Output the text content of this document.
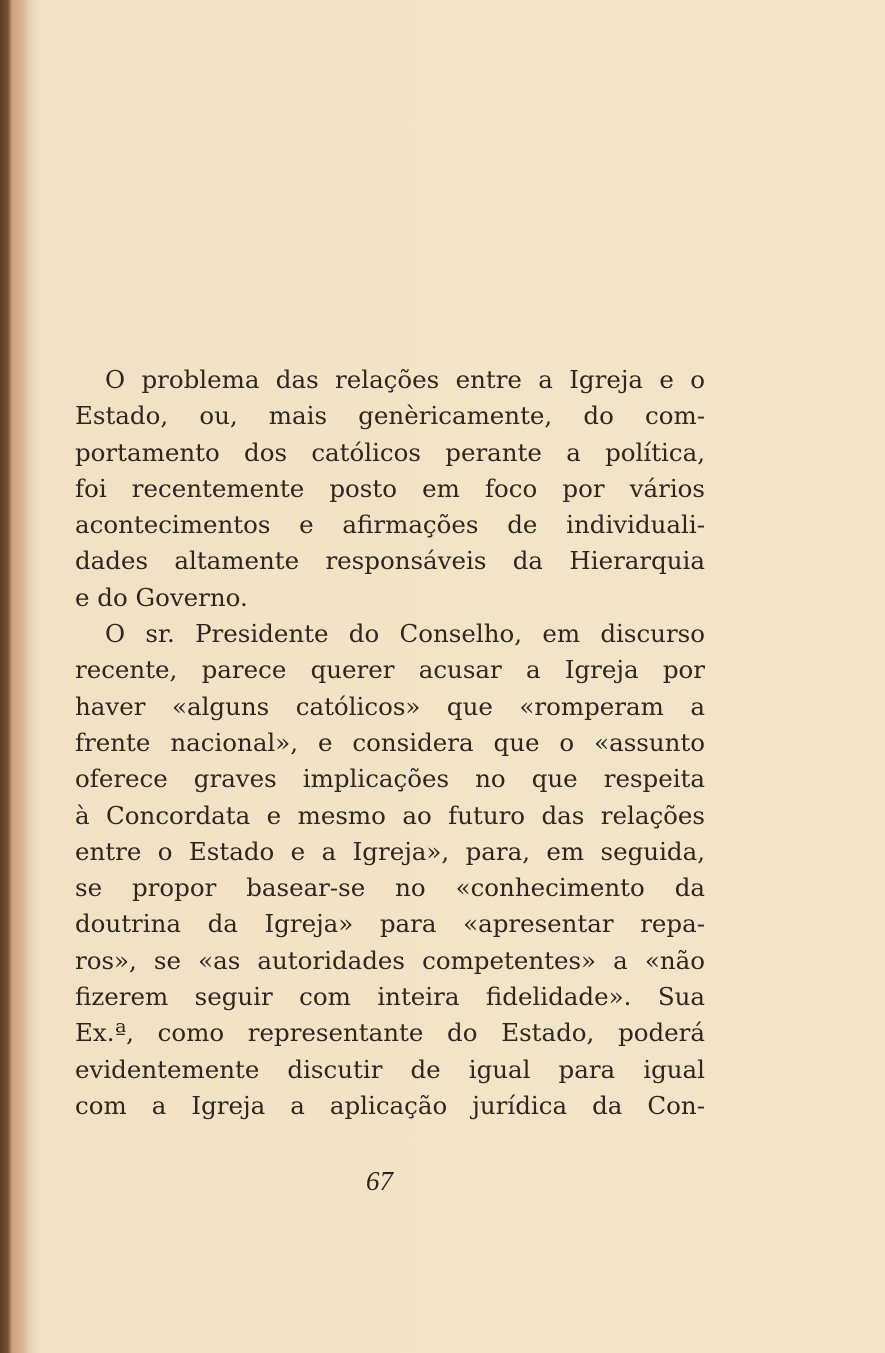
O problema das relações entre a Igreja e o
Estado, ou, mais genèricamente, do com-
portamento dos católicos perante a política,
foi recentemente posto em foco por vários
acontecimentos e afirmações de individuali-
dades altamente responsáveis da Hierarquia
e do Governo.
O sr. Presidente do Conselho, em discurso
recente, parece querer acusar a Igreja por
haver «alguns católicos» que «romperam a
frente nacional», e considera que o «assunto
oferece graves implicações no que respeita
à Concordata e mesmo ao futuro das relações
entre o Estado e a Igreja», para, em seguida,
se propor basear-se no «conhecimento da
doutrina da Igreja» para «apresentar repa-
ros», se «as autoridades competentes» a «não
fizerem seguir com inteira fidelidade». Sua
Ex.ª, como representante do Estado, poderá
evidentemente discutir de igual para igual
com a Igreja a aplicação jurídica da Con-
67
